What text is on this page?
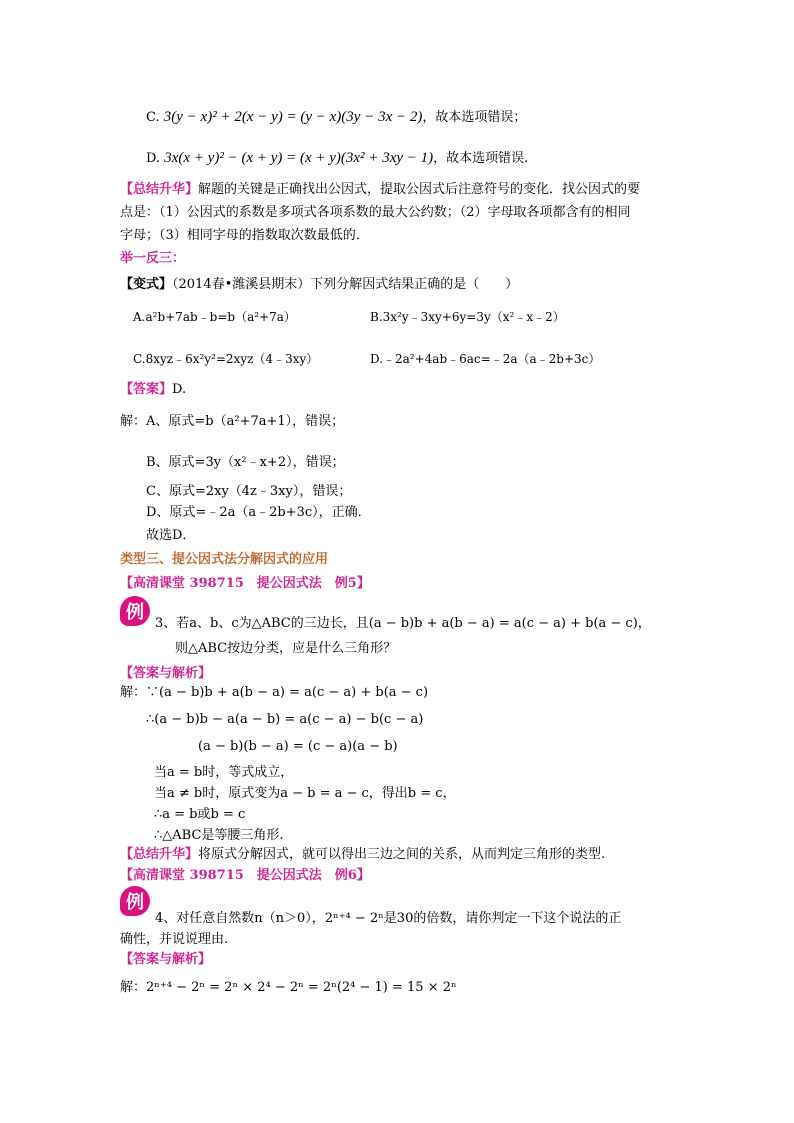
C. 3(y − x)² + 2(x − y) = (y − x)(3y − 3x − 2)，故本选项错误；
D. 3x(x + y)² − (x + y) = (x + y)(3x² + 3xy − 1)，故本选项错误.
【总结升华】解题的关键是正确找出公因式，提取公因式后注意符号的变化．找公因式的要
点是：（1）公因式的系数是多项式各项系数的最大公约数；（2）字母取各项都含有的相同
字母；（3）相同字母的指数取次数最低的．
举一反三：
【变式】（2014春•潍溪县期末）下列分解因式结果正确的是（　　）
A.a²b+7ab﹣b=b（a²+7a）	B.3x²y﹣3xy+6y=3y（x²﹣x﹣2）
C.8xyz﹣6x²y²=2xyz（4﹣3xy）	D.﹣2a²+4ab﹣6ac=﹣2a（a﹣2b+3c）
【答案】D.
解：A、原式=b（a²+7a+1），错误；
B、原式=3y（x²﹣x+2），错误；
C、原式=2xy（4z﹣3xy），错误；
D、原式=﹣2a（a﹣2b+3c），正确．
故选D．
类型三、提公因式法分解因式的应用
【高清课堂 398715　提公因式法　例5】
例
3、若a、b、c为△ABC的三边长，且(a − b)b + a(b − a) = a(c − a) + b(a − c)，
则△ABC按边分类，应是什么三角形？
【答案与解析】
解：∵(a − b)b + a(b − a) = a(c − a) + b(a − c)
∴(a − b)b − a(a − b) = a(c − a) − b(c − a)
(a − b)(b − a) = (c − a)(a − b)
当a = b时，等式成立，
当a ≠ b时，原式变为a − b = a − c，得出b = c，
∴a = b或b = c
∴△ABC是等腰三角形.
【总结升华】将原式分解因式，就可以得出三边之间的关系，从而判定三角形的类型.
【高清课堂 398715　提公因式法　例6】
例
4、对任意自然数n（n＞0），2ⁿ⁺⁴ − 2ⁿ是30的倍数，请你判定一下这个说法的正
确性，并说说理由.
【答案与解析】
解：2ⁿ⁺⁴ − 2ⁿ = 2ⁿ × 2⁴ − 2ⁿ = 2ⁿ(2⁴ − 1) = 15 × 2ⁿ
